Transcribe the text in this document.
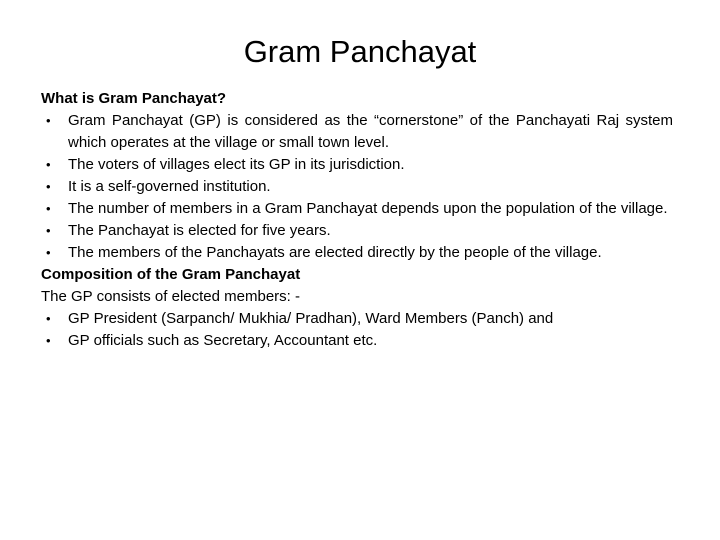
Gram Panchayat

What is Gram Panchayat?

•	Gram Panchayat (GP) is considered as the “cornerstone” of the Panchayati Raj system which operates at the village or small town level.
•	The voters of villages elect its GP in its jurisdiction.
•	It is a self-governed institution.
•	The number of members in a Gram Panchayat depends upon the population of the village.
•	The Panchayat is elected for five years.
•	The members of the Panchayats are elected directly by the people of the village.

Composition of the Gram Panchayat

The GP consists of elected members: -

•	GP President (Sarpanch/ Mukhia/ Pradhan), Ward Members (Panch) and
•	GP officials such as Secretary, Accountant etc.
